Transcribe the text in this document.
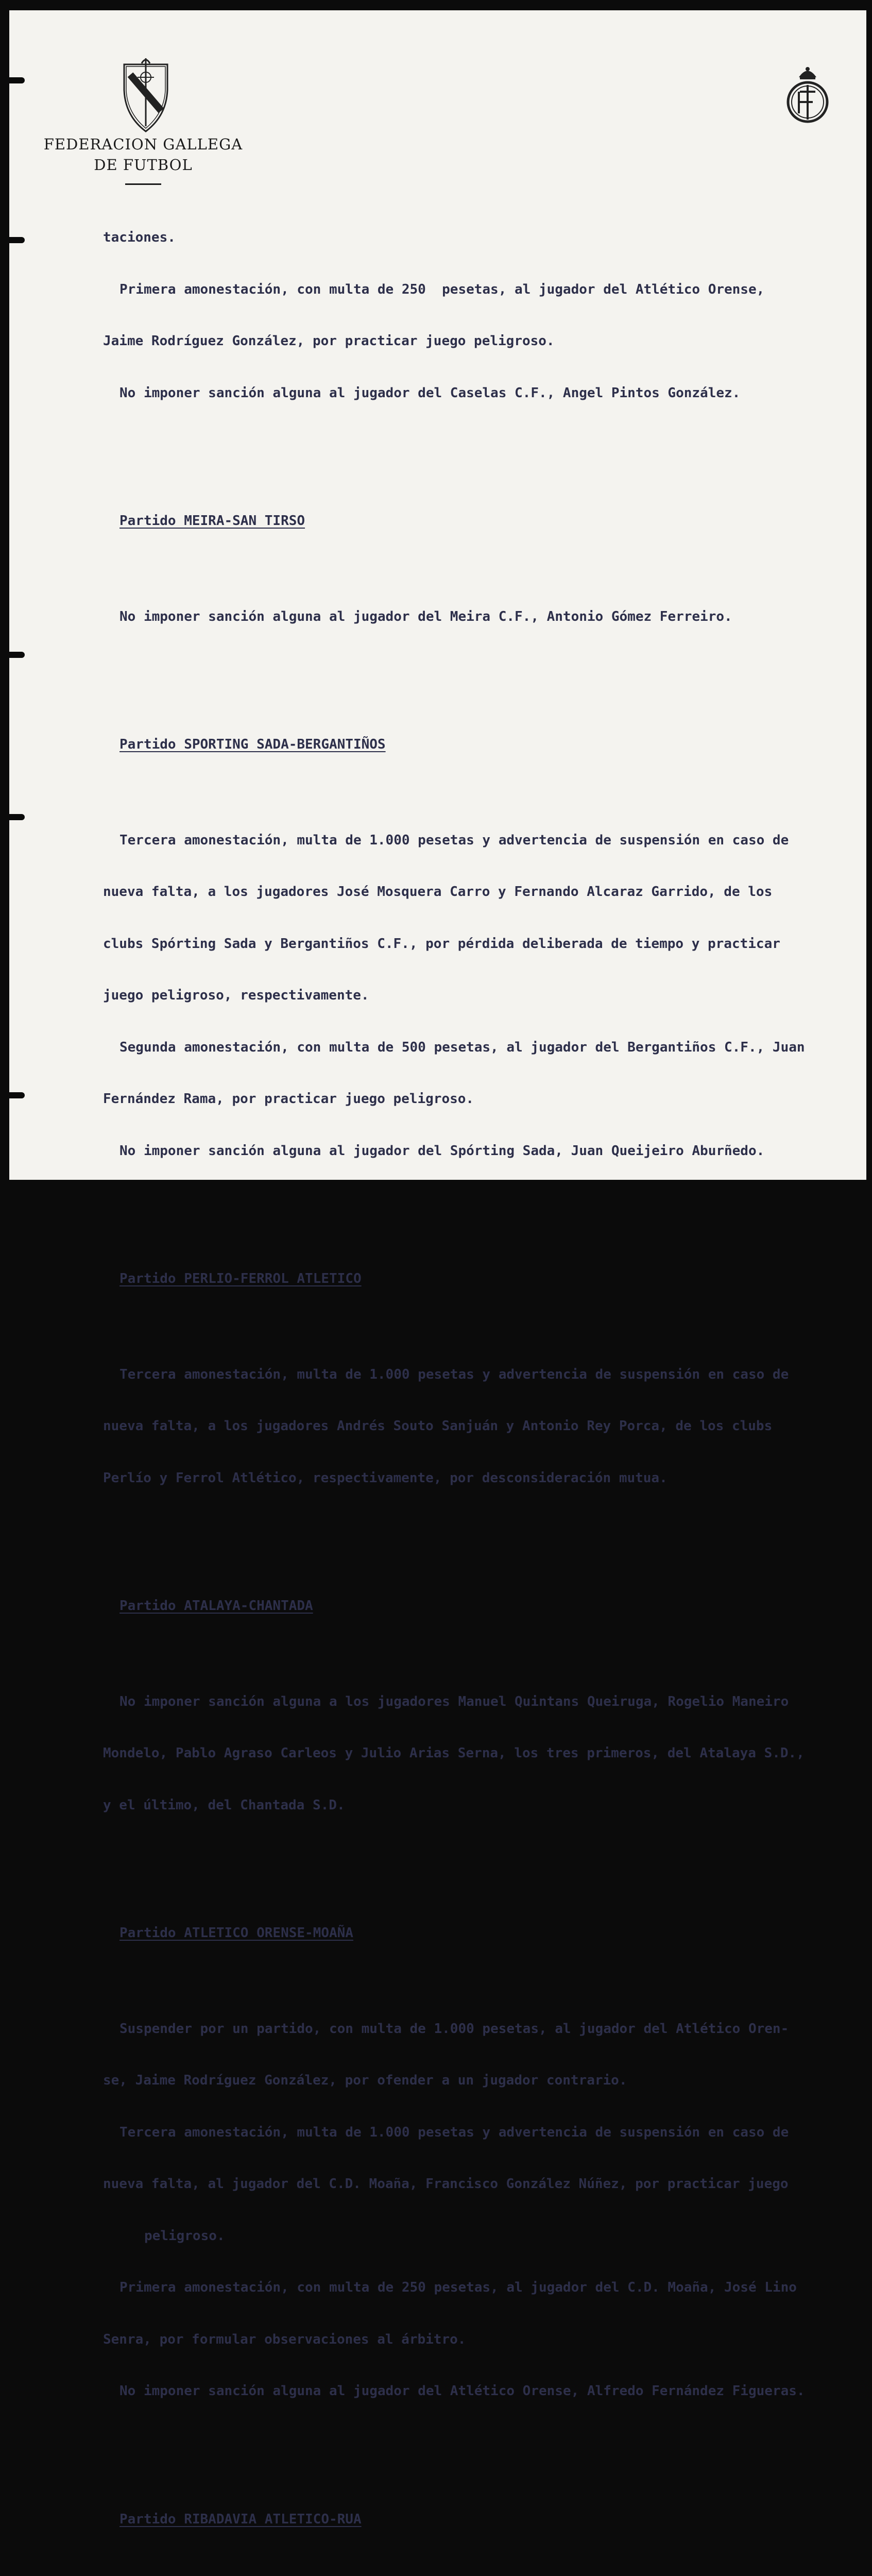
FEDERACION GALLEGA
DE FUTBOL

taciones.

Primera amonestación, con multa de 250  pesetas, al jugador del Atlético Orense,

Jaime Rodríguez González, por practicar juego peligroso.

No imponer sanción alguna al jugador del Caselas C.F., Angel Pintos González.

Partido MEIRA-SAN TIRSO

No imponer sanción alguna al jugador del Meira C.F., Antonio Gómez Ferreiro.

Partido SPORTING SADA-BERGANTIÑOS

Tercera amonestación, multa de 1.000 pesetas y advertencia de suspensión en caso de

nueva falta, a los jugadores José Mosquera Carro y Fernando Alcaraz Garrido, de los

clubs Spórting Sada y Bergantiños C.F., por pérdida deliberada de tiempo y practicar

juego peligroso, respectivamente.

Segunda amonestación, con multa de 500 pesetas, al jugador del Bergantiños C.F., Juan

Fernández Rama, por practicar juego peligroso.

No imponer sanción alguna al jugador del Spórting Sada, Juan Queijeiro Aburñedo.

Partido PERLIO-FERROL ATLETICO

Tercera amonestación, multa de 1.000 pesetas y advertencia de suspensión en caso de

nueva falta, a los jugadores Andrés Souto Sanjuán y Antonio Rey Porca, de los clubs

Perlío y Ferrol Atlético, respectivamente, por desconsideración mutua.

Partido ATALAYA-CHANTADA

No imponer sanción alguna a los jugadores Manuel Quintans Queiruga, Rogelio Maneiro

Mondelo, Pablo Agraso Carleos y Julio Arias Serna, los tres primeros, del Atalaya S.D.,

y el último, del Chantada S.D.

Partido ATLETICO ORENSE-MOAÑA

Suspender por un partido, con multa de 1.000 pesetas, al jugador del Atlético Oren-

se, Jaime Rodríguez González, por ofender a un jugador contrario.

Tercera amonestación, multa de 1.000 pesetas y advertencia de suspensión en caso de

nueva falta, al jugador del C.D. Moaña, Francisco González Núñez, por practicar juego

peligroso.

Primera amonestación, con multa de 250 pesetas, al jugador del C.D. Moaña, José Lino

Senra, por formular observaciones al árbitro.

No imponer sanción alguna al jugador del Atlético Orense, Alfredo Fernández Figueras.

Partido RIBADAVIA ATLETICO-RUA
